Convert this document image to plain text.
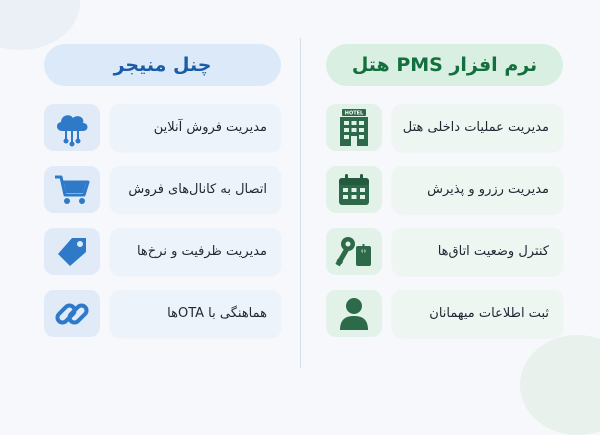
نرم افزار PMS هتل
HOTEL
مدیریت عملیات داخلی هتل
مدیریت رزرو و پذیرش
کنترل وضعیت اتاق‌ها
ثبت اطلاعات میهمانان
چنل منیجر
مدیریت فروش آنلاین
اتصال به کانال‌های فروش
مدیریت ظرفیت و نرخ‌ها
هماهنگی با OTAها
